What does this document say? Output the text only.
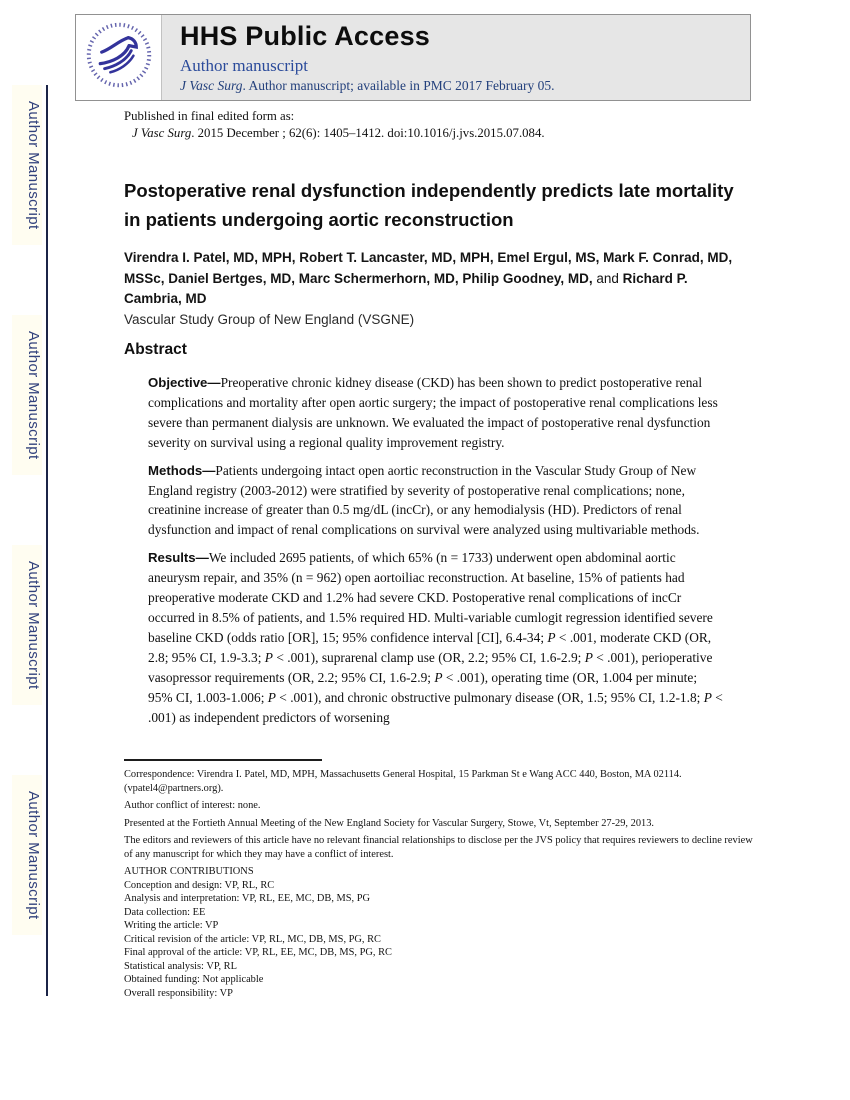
Author Manuscript
Author Manuscript
Author Manuscript
Author Manuscript
HHS Public Access
Author manuscript
J Vasc Surg. Author manuscript; available in PMC 2017 February 05.
Published in final edited form as:
J Vasc Surg. 2015 December ; 62(6): 1405–1412. doi:10.1016/j.jvs.2015.07.084.
Postoperative renal dysfunction independently predicts late mortality in patients undergoing aortic reconstruction
Virendra I. Patel, MD, MPH, Robert T. Lancaster, MD, MPH, Emel Ergul, MS, Mark F. Conrad, MD, MSSc, Daniel Bertges, MD, Marc Schermerhorn, MD, Philip Goodney, MD, and Richard P. Cambria, MD
Vascular Study Group of New England (VSGNE)
Abstract

Objective—Preoperative chronic kidney disease (CKD) has been shown to predict postoperative renal complications and mortality after open aortic surgery; the impact of postoperative renal complications less severe than permanent dialysis are unknown. We evaluated the impact of postoperative renal dysfunction severity on survival using a regional quality improvement registry.

Methods—Patients undergoing intact open aortic reconstruction in the Vascular Study Group of New England registry (2003-2012) were stratified by severity of postoperative renal complications; none, creatinine increase of greater than 0.5 mg/dL (incCr), or any hemodialysis (HD). Predictors of renal dysfunction and impact of renal complications on survival were analyzed using multivariable methods.

Results—We included 2695 patients, of which 65% (n = 1733) underwent open abdominal aortic aneurysm repair, and 35% (n = 962) open aortoiliac reconstruction. At baseline, 15% of patients had preoperative moderate CKD and 1.2% had severe CKD. Postoperative renal complications of incCr occurred in 8.5% of patients, and 1.5% required HD. Multi-variable cumlogit regression identified severe baseline CKD (odds ratio [OR], 15; 95% confidence interval [CI], 6.4-34; P < .001, moderate CKD (OR, 2.8; 95% CI, 1.9-3.3; P < .001), suprarenal clamp use (OR, 2.2; 95% CI, 1.6-2.9; P < .001), perioperative vasopressor requirements (OR, 2.2; 95% CI, 1.6-2.9; P < .001), operating time (OR, 1.004 per minute; 95% CI, 1.003-1.006; P < .001), and chronic obstructive pulmonary disease (OR, 1.5; 95% CI, 1.2-1.8; P < .001) as independent predictors of worsening

Correspondence: Virendra I. Patel, MD, MPH, Massachusetts General Hospital, 15 Parkman St e Wang ACC 440, Boston, MA 02114. (vpatel4@partners.org).

Author conflict of interest: none.

Presented at the Fortieth Annual Meeting of the New England Society for Vascular Surgery, Stowe, Vt, September 27-29, 2013.

The editors and reviewers of this article have no relevant financial relationships to disclose per the JVS policy that requires reviewers to decline review of any manuscript for which they may have a conflict of interest.

AUTHOR CONTRIBUTIONS

Conception and design: VP, RL, RC

Analysis and interpretation: VP, RL, EE, MC, DB, MS, PG

Data collection: EE

Writing the article: VP

Critical revision of the article: VP, RL, MC, DB, MS, PG, RC

Final approval of the article: VP, RL, EE, MC, DB, MS, PG, RC

Statistical analysis: VP, RL

Obtained funding: Not applicable

Overall responsibility: VP
